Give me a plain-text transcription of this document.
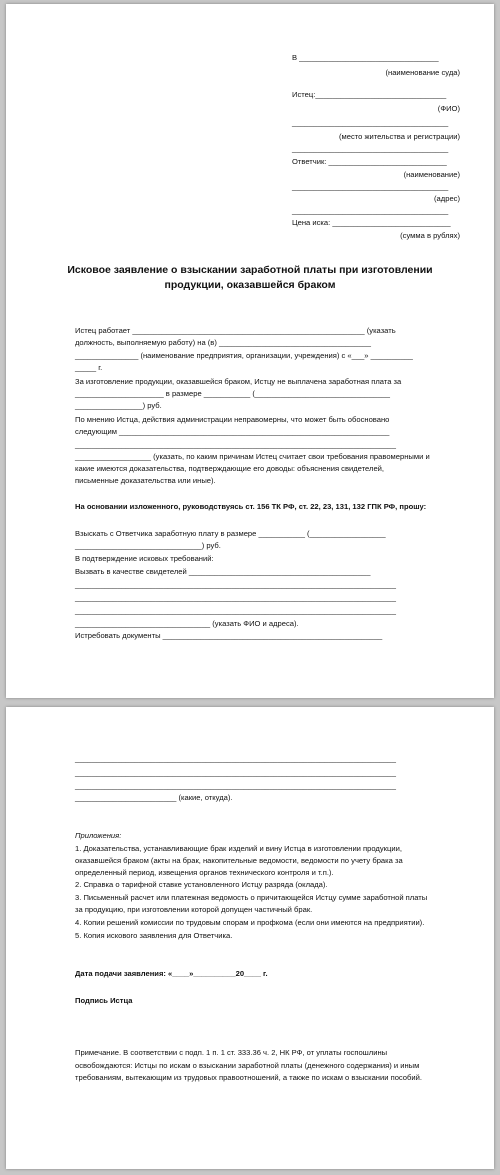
В _________________________________
(наименование суда)
Истец:_______________________________
(ФИО)
_____________________________________
(место жительства и регистрации)
_____________________________________
Ответчик: ____________________________
(наименование)
_____________________________________
(адрес)
_____________________________________
Цена иска: ____________________________
(сумма в рублях)
Исковое заявление о взыскании заработной платы при изготовлении
продукции, оказавшейся браком
Истец работает _______________________________________________________ (указать
должность, выполняемую работу) на (в) ____________________________________
_______________ (наименование предприятия, организации, учреждения) с «___» __________
_____ г.
За изготовление продукции, оказавшейся браком, Истцу не выплачена заработная плата за
_____________________ в размере ___________ (________________________________
________________) руб.
По мнению Истца, действия администрации неправомерны, что может быть обосновано
следующим ________________________________________________________________
____________________________________________________________________________
__________________ (указать, по каким причинам Истец считает свои требования правомерными и
какие имеются доказательства, подтверждающие его доводы: объяснения свидетелей,
письменные доказательства или иные).
На основании изложенного, руководствуясь ст. 156 ТК РФ, ст. 22, 23, 131, 132 ГПК РФ, прошу:
Взыскать с Ответчика заработную плату в размере ___________ (__________________
______________________________) руб.
В подтверждение исковых требований:
Вызвать в качестве свидетелей ___________________________________________
____________________________________________________________________________
____________________________________________________________________________
____________________________________________________________________________
________________________________ (указать ФИО и адреса).
Истребовать документы ____________________________________________________
____________________________________________________________________________
____________________________________________________________________________
____________________________________________________________________________
________________________ (какие, откуда).
Приложения:
1. Доказательства, устанавливающие брак изделий и вину Истца в изготовлении продукции,
оказавшейся браком (акты на брак, накопительные ведомости, ведомости по учету брака за
определенный период, извещения органов технического контроля и т.п.).
2. Справка о тарифной ставке установленного Истцу разряда (оклада).
3. Письменный расчет или платежная ведомость о причитающейся Истцу сумме заработной платы
за продукцию, при изготовлении которой допущен частичный брак.
4. Копии решений комиссии по трудовым спорам и профкома (если они имеются на предприятии).
5. Копия искового заявления для Ответчика.
Дата подачи заявления: «____»__________20____ г.
Подпись Истца
Примечание. В соответствии с подп. 1 п. 1 ст. 333.36 ч. 2, НК РФ, от уплаты госпошлины
освобождаются: Истцы по искам о взыскании заработной платы (денежного содержания) и иным
требованиям, вытекающим из трудовых правоотношений, а также по искам о взыскании пособий.
